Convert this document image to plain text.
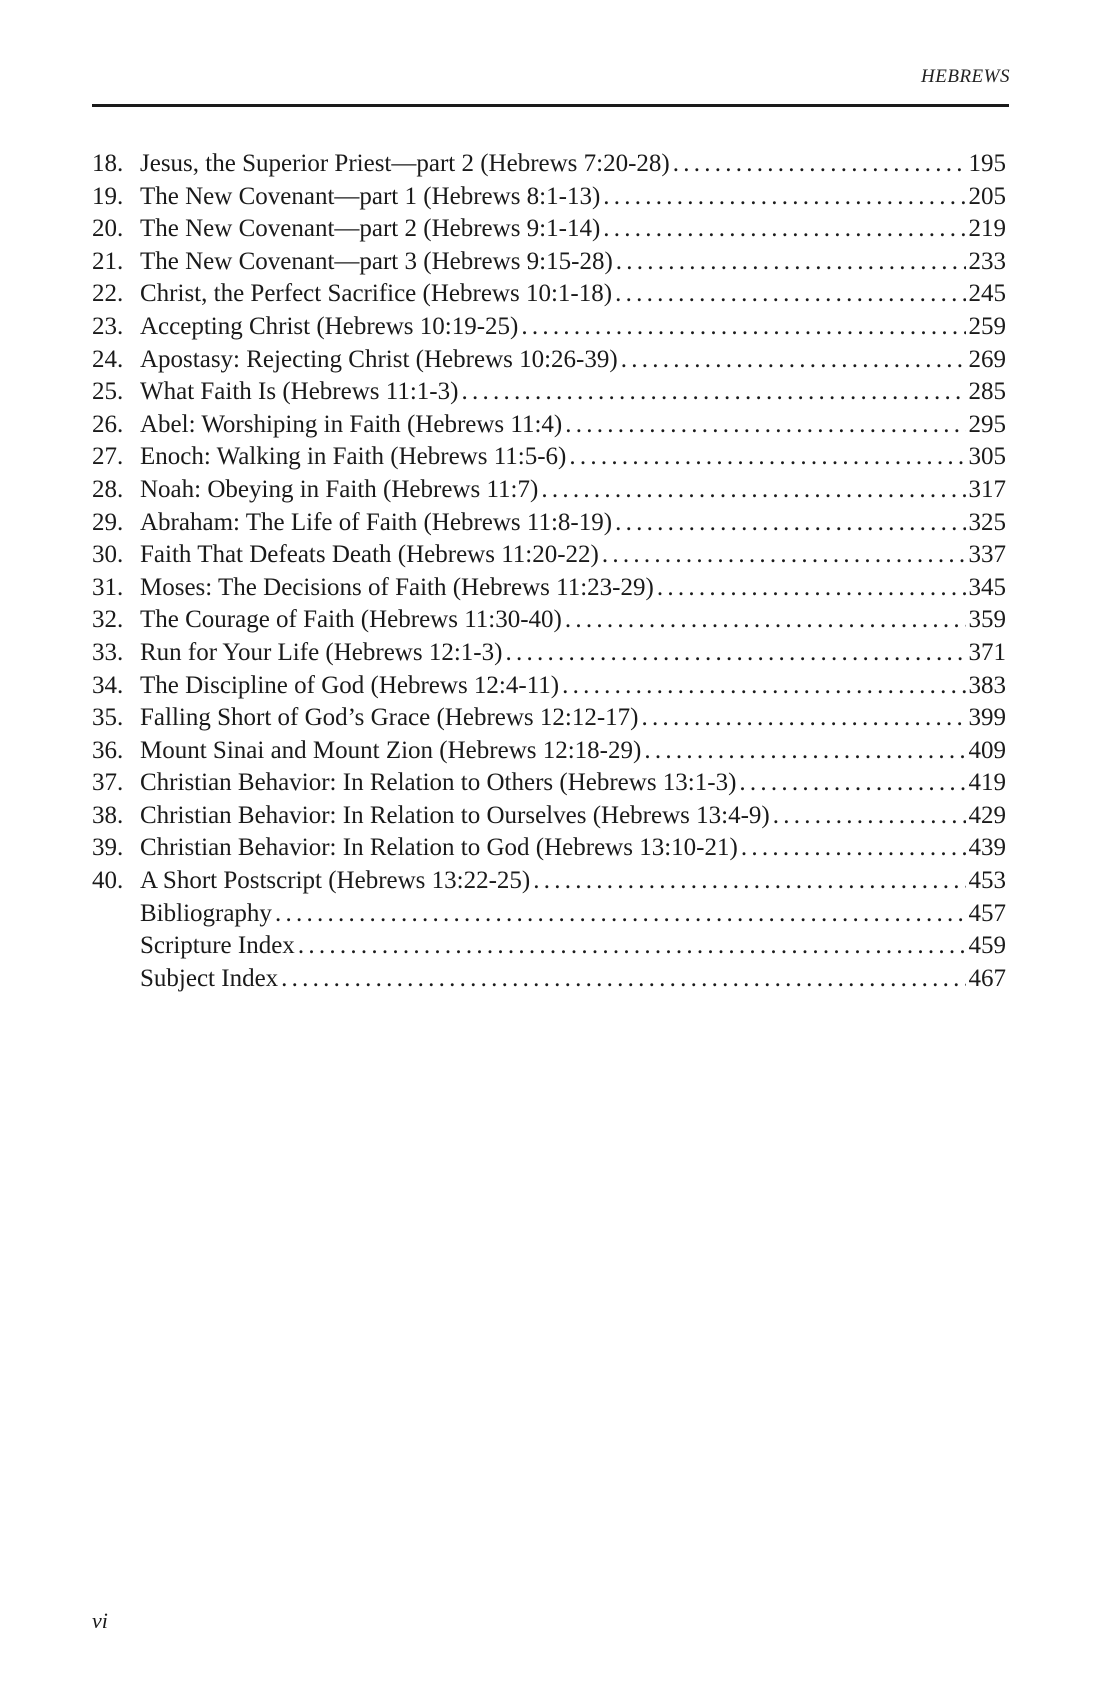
HEBREWS
18. Jesus, the Superior Priest—part 2 (Hebrews 7:20-28) . . .	195
19. The New Covenant—part 1 (Hebrews 8:1-13) . . .	205
20. The New Covenant—part 2 (Hebrews 9:1-14) . . .	219
21. The New Covenant—part 3 (Hebrews 9:15-28) . . .	233
22. Christ, the Perfect Sacrifice (Hebrews 10:1-18) . . .	245
23. Accepting Christ (Hebrews 10:19-25) . . .	259
24. Apostasy: Rejecting Christ (Hebrews 10:26-39) . . .	269
25. What Faith Is (Hebrews 11:1-3) . . .	285
26. Abel: Worshiping in Faith (Hebrews 11:4) . . .	295
27. Enoch: Walking in Faith (Hebrews 11:5-6) . . .	305
28. Noah: Obeying in Faith (Hebrews 11:7) . . .	317
29. Abraham: The Life of Faith (Hebrews 11:8-19) . . .	325
30. Faith That Defeats Death (Hebrews 11:20-22) . . .	337
31. Moses: The Decisions of Faith (Hebrews 11:23-29) . . .	345
32. The Courage of Faith (Hebrews 11:30-40) . . .	359
33. Run for Your Life (Hebrews 12:1-3) . . .	371
34. The Discipline of God (Hebrews 12:4-11) . . .	383
35. Falling Short of God’s Grace (Hebrews 12:12-17) . . .	399
36. Mount Sinai and Mount Zion (Hebrews 12:18-29) . . .	409
37. Christian Behavior: In Relation to Others (Hebrews 13:1-3) . . .	419
38. Christian Behavior: In Relation to Ourselves (Hebrews 13:4-9) . . .	429
39. Christian Behavior: In Relation to God (Hebrews 13:10-21) . . .	439
40. A Short Postscript (Hebrews 13:22-25) . . .	453
Bibliography . . .	457
Scripture Index . . .	459
Subject Index . . .	467
vi
